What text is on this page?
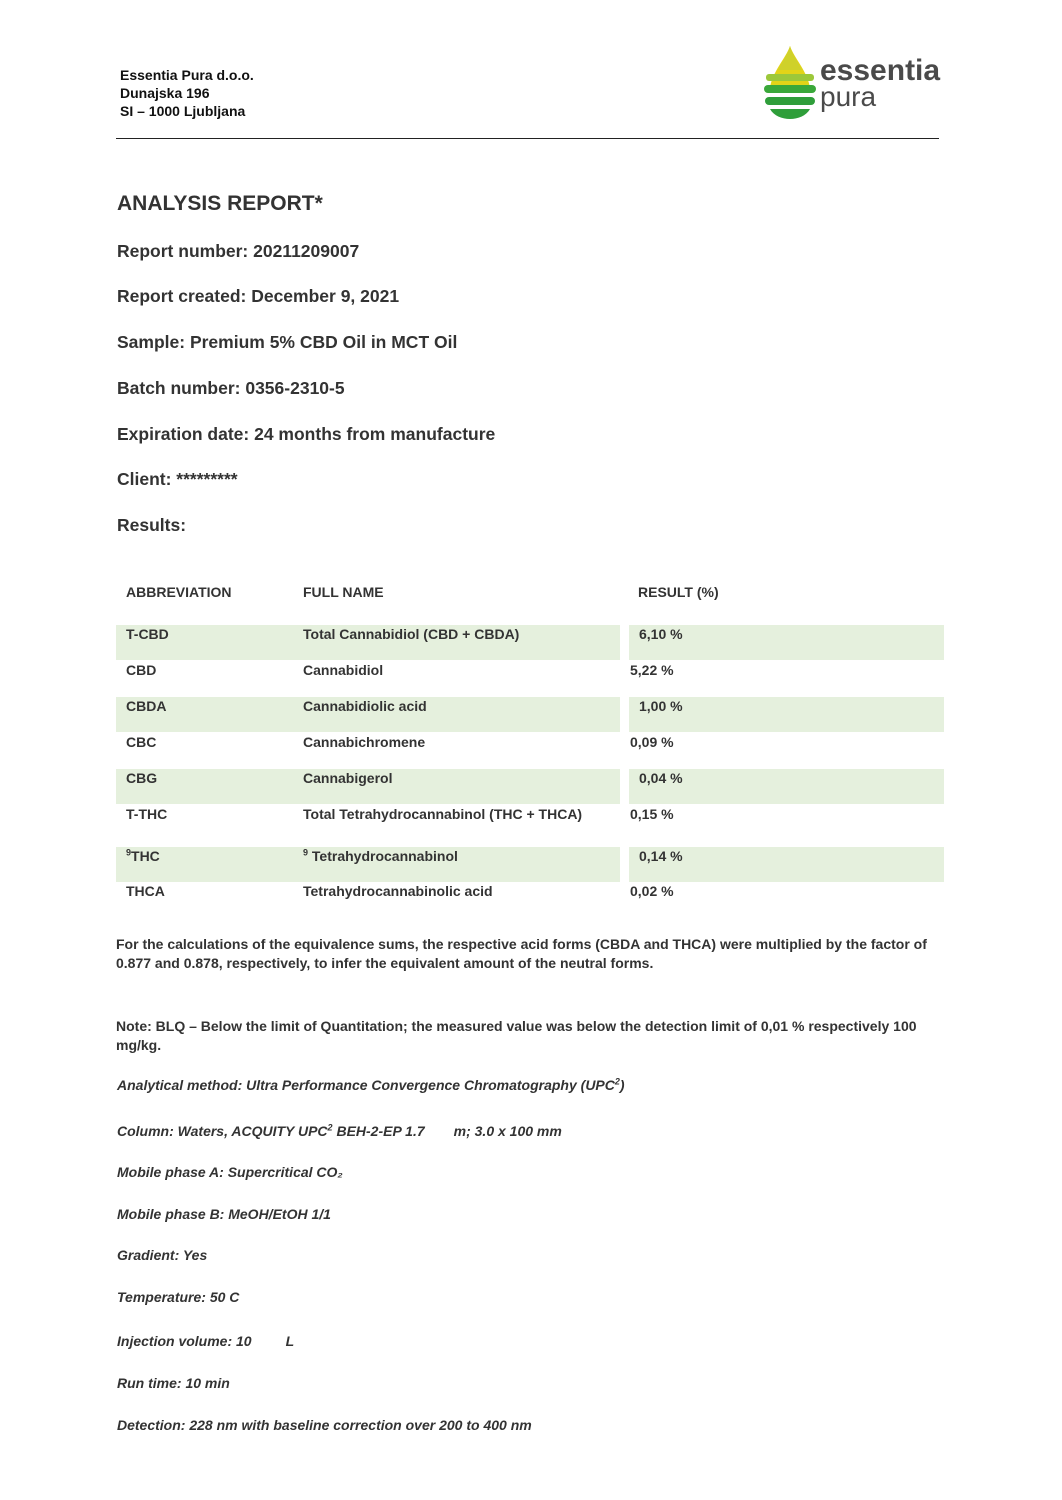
Essentia Pura d.o.o.
Dunajska 196
SI – 1000 Ljubljana
essentia
pura
ANALYSIS REPORT*
Report number: 20211209007
Report created: December 9, 2021
Sample: Premium 5% CBD Oil in MCT Oil
Batch number: 0356-2310-5
Expiration date: 24 months from manufacture
Client: *********
Results:
ABBREVIATION	FULL NAME	RESULT (%)
T-CBD	Total Cannabidiol (CBD + CBDA)	6,10 %
CBD	Cannabidiol	5,22 %
CBDA	Cannabidiolic acid	1,00 %
CBC	Cannabichromene	0,09 %
CBG	Cannabigerol	0,04 %
T-THC	Total Tetrahydrocannabinol (THC + THCA)	0,15 %
$^9$THC	$^9$ Tetrahydrocannabinol	0,14 %
THCA	Tetrahydrocannabinolic acid	0,02 %
For the calculations of the equivalence sums, the respective acid forms (CBDA and THCA) were multiplied by the factor of 0.877 and 0.878, respectively, to infer the equivalent amount of the neutral forms.
Note: BLQ – Below the limit of Quantitation; the measured value was below the detection limit of 0,01 % respectively 100 mg/kg.
Analytical method: Ultra Performance Convergence Chromatography (UPC$^2$)
Column: Waters, ACQUITY UPC$^2$ BEH-2-EP 1.7 m; 3.0 x 100 mm
Mobile phase A: Supercritical CO₂
Mobile phase B: MeOH/EtOH 1/1
Gradient: Yes
Temperature: 50 C
Injection volume: 10 L
Run time: 10 min
Detection: 228 nm with baseline correction over 200 to 400 nm
